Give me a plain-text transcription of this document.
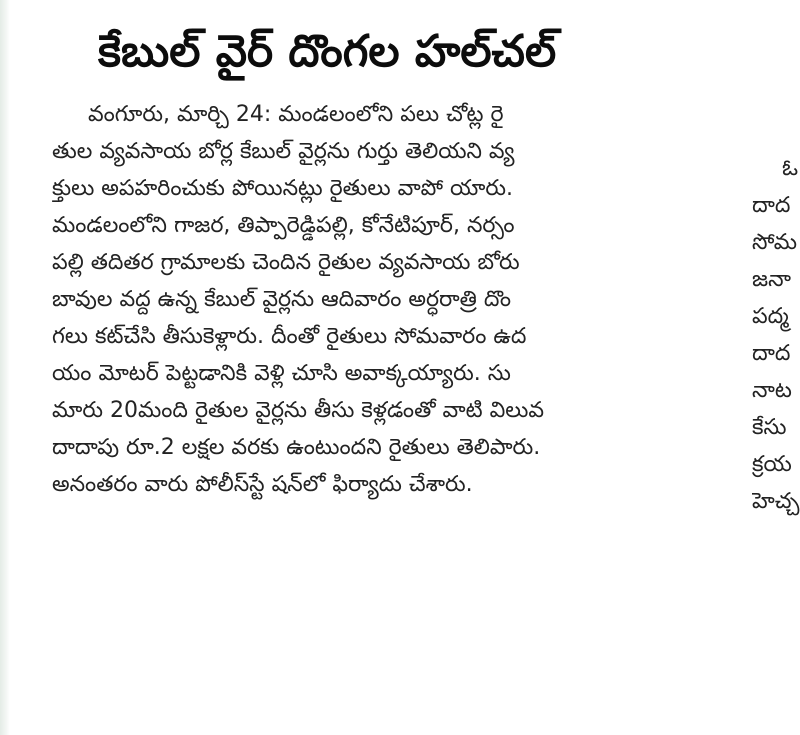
కేబుల్ వైర్ దొంగల హల్‌చల్
వంగూరు, మార్చి 24: మండలంలోని పలు చోట్ల రై
తుల వ్యవసాయ బోర్ల కేబుల్ వైర్లను గుర్తు తెలియని వ్య
క్తులు అపహరించుకు పోయినట్లు రైతులు వాపో యారు.
మండలంలోని గాజర, తిప్పారెడ్డిపల్లి, కోనేటిపూర్, నర్సం
పల్లి తదితర గ్రామాలకు చెందిన రైతుల వ్యవసాయ బోరు
బావుల వద్ద ఉన్న కేబుల్ వైర్లను ఆదివారం అర్ధరాత్రి దొం
గలు కట్‌చేసి తీసుకెళ్లారు. దీంతో రైతులు సోమవారం ఉద
యం మోటర్ పెట్టడానికి వెళ్లి చూసి అవాక్కయ్యారు. సు
మారు 20మంది రైతుల వైర్లను తీసు కెళ్లడంతో వాటి విలువ
దాదాపు రూ.2 లక్షల వరకు ఉంటుందని రైతులు తెలిపారు.
అనంతరం వారు పోలీస్‌స్టే షన్‌లో ఫిర్యాదు చేశారు.
ఓ
దాద
సోమ
జనా
పద్మ
దాద
నాట
కేసు
క్రయ
హెచ్చ
